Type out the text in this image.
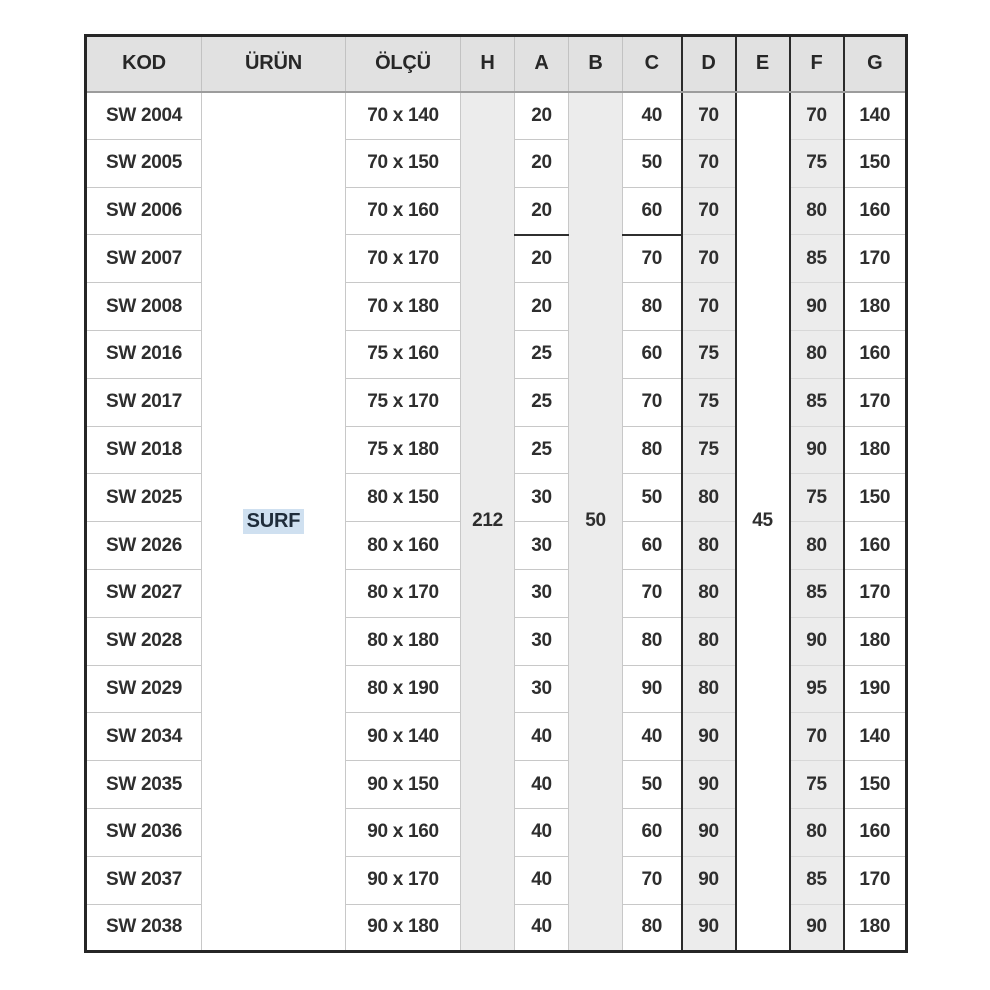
KOD	ÜRÜN	ÖLÇÜ	H	A	B	C	D	E	F	G
SW 2004	SURF	70 x 140	212	20	50	40	70	45	70	140
SW 2005		70 x 150		20		50	70		75	150
SW 2006		70 x 160		20		60	70		80	160
SW 2007		70 x 170		20		70	70		85	170
SW 2008		70 x 180		20		80	70		90	180
SW 2016		75 x 160		25		60	75		80	160
SW 2017		75 x 170		25		70	75		85	170
SW 2018		75 x 180		25		80	75		90	180
SW 2025		80 x 150		30		50	80		75	150
SW 2026		80 x 160		30		60	80		80	160
SW 2027		80 x 170		30		70	80		85	170
SW 2028		80 x 180		30		80	80		90	180
SW 2029		80 x 190		30		90	80		95	190
SW 2034		90 x 140		40		40	90		70	140
SW 2035		90 x 150		40		50	90		75	150
SW 2036		90 x 160		40		60	90		80	160
SW 2037		90 x 170		40		70	90		85	170
SW 2038		90 x 180		40		80	90		90	180
